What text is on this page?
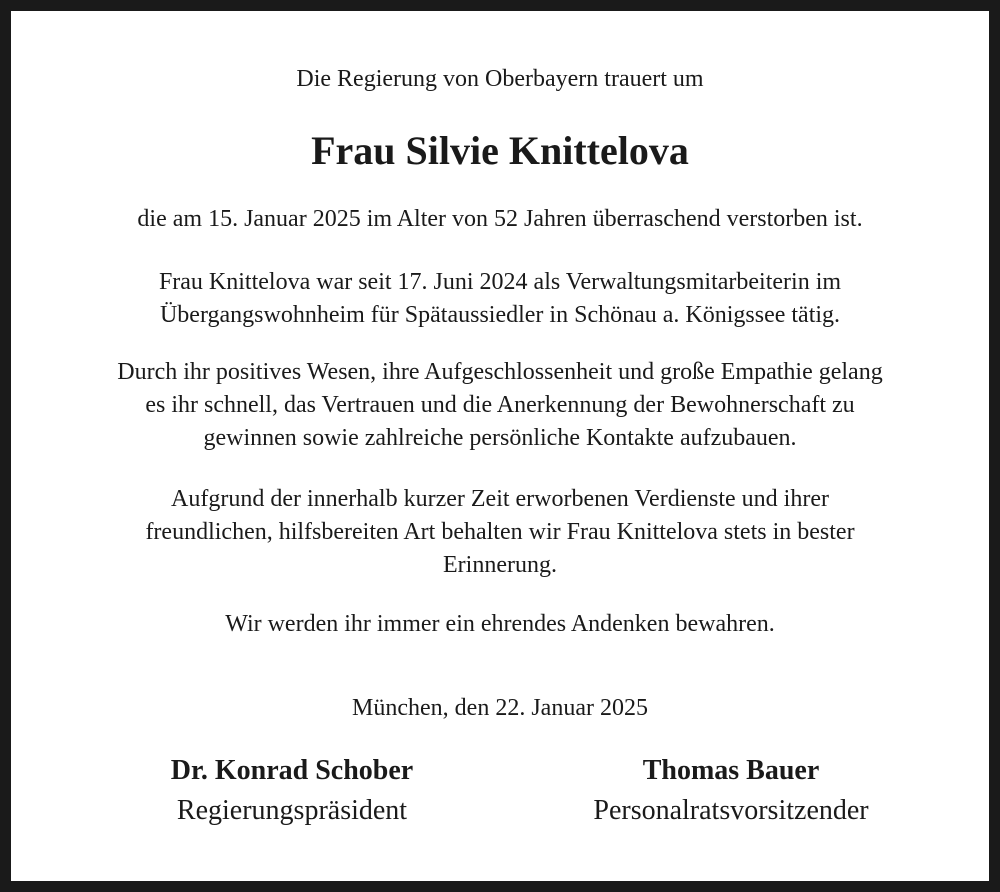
Die Regierung von Oberbayern trauert um
Frau Silvie Knittelova
die am 15. Januar 2025 im Alter von 52 Jahren überraschend verstorben ist.
Frau Knittelova war seit 17. Juni 2024 als Verwaltungsmitarbeiterin im
Übergangswohnheim für Spätaussiedler in Schönau a. Königssee tätig.
Durch ihr positives Wesen, ihre Aufgeschlossenheit und große Empathie gelang
es ihr schnell, das Vertrauen und die Anerkennung der Bewohnerschaft zu
gewinnen sowie zahlreiche persönliche Kontakte aufzubauen.
Aufgrund der innerhalb kurzer Zeit erworbenen Verdienste und ihrer
freundlichen, hilfsbereiten Art behalten wir Frau Knittelova stets in bester
Erinnerung.
Wir werden ihr immer ein ehrendes Andenken bewahren.
München, den 22. Januar 2025
Dr. Konrad Schober
Regierungspräsident
Thomas Bauer
Personalratsvorsitzender
